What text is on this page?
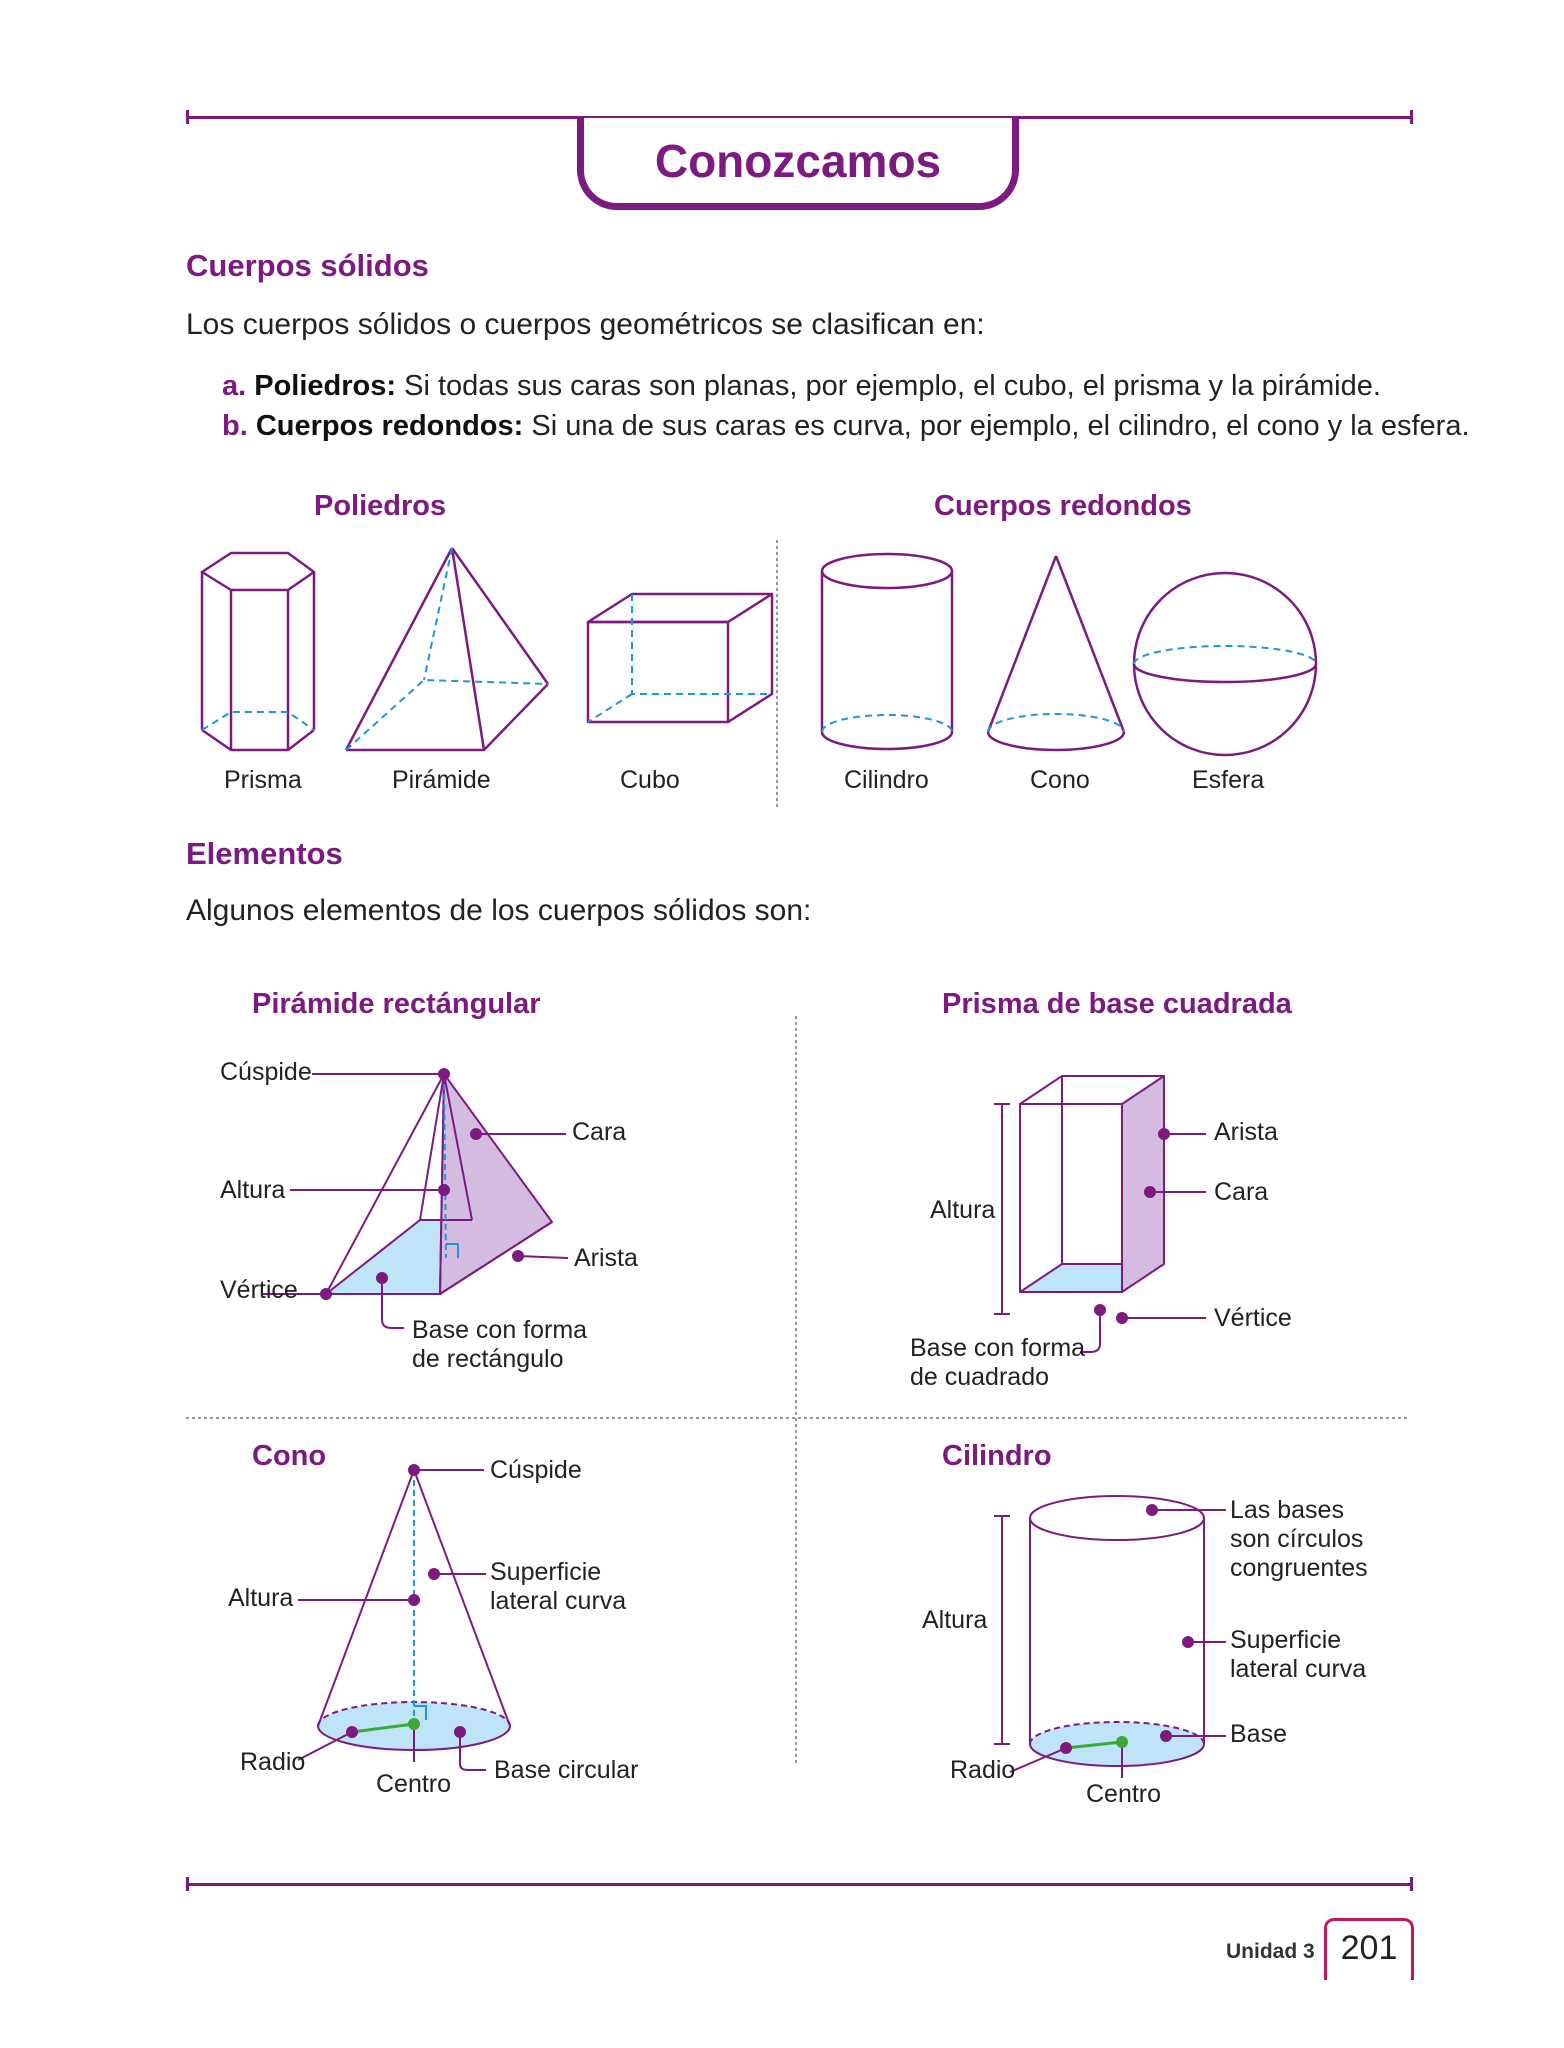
Conozcamos
Cuerpos sólidos
Los cuerpos sólidos o cuerpos geométricos se clasifican en:
a. Poliedros: Si todas sus caras son planas, por ejemplo, el cubo, el prisma y la pirámide.
b. Cuerpos redondos: Si una de sus caras es curva, por ejemplo, el cilindro, el cono y la esfera.
Poliedros	Cuerpos redondos
Prisma	Pirámide	Cubo	Cilindro	Cono	Esfera
Elementos
Algunos elementos de los cuerpos sólidos son:
Pirámide rectángular	Prisma de base cuadrada
Cono	Cilindro
Cúspide
Cara
Altura
Arista
Vértice
Base con forma
de rectángulo
Arista
Cara
Altura
Vértice
Base con forma
de cuadrado
Cúspide
Superficie
lateral curva
Altura
Radio
Centro Base circular
Las bases
son círculos
congruentes
Altura
Superficie
lateral curva
Base
Radio
Centro
Unidad 3 201
